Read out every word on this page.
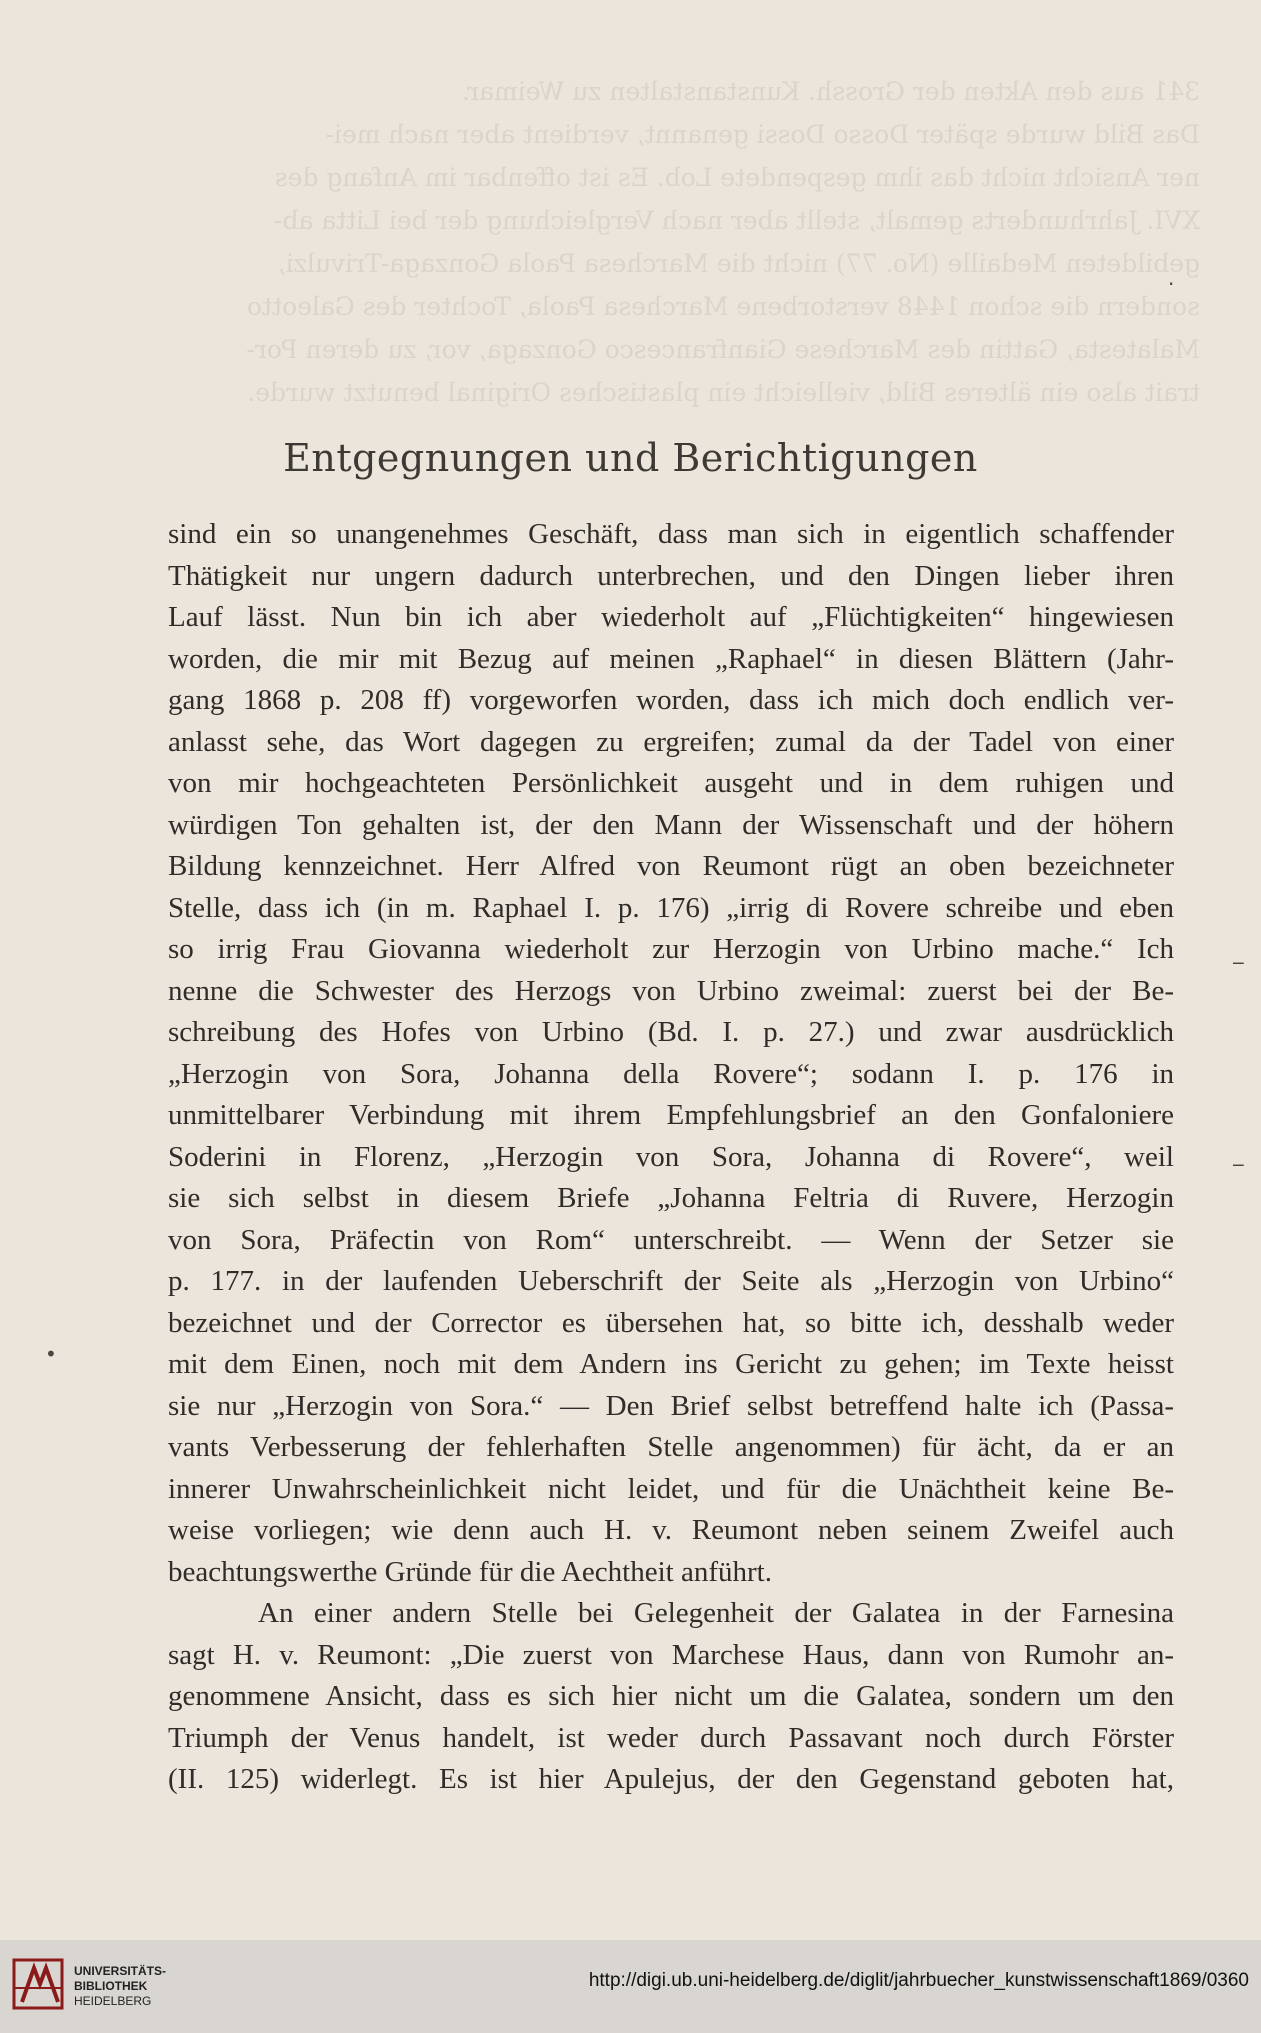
341 aus den Akten der Grossh. Kunstanstalten zu Weimar.
Das Bild wurde später Dosso Dossi genannt, verdient aber nach mei-
ner Ansicht nicht das ihm gespendete Lob. Es ist offenbar im Anfang des
XVI. Jahrhunderts gemalt, stellt aber nach Vergleichung der bei Litta ab-
gebildeten Medaille (No. 77) nicht die Marchesa Paola Gonzaga-Trivulzi,
sondern die schon 1448 verstorbene Marchesa Paola, Tochter des Galeotto
Malatesta, Gattin des Marchese Gianfrancesco Gonzaga, vor, zu deren Por-
trait also ein älteres Bild, vielleicht ein plastisches Original benutzt wurde.
Entgegnungen und Berichtigungen
sind ein so unangenehmes Geschäft, dass man sich in eigentlich schaffender
Thätigkeit nur ungern dadurch unterbrechen, und den Dingen lieber ihren
Lauf lässt. Nun bin ich aber wiederholt auf „Flüchtigkeiten“ hingewiesen
worden, die mir mit Bezug auf meinen „Raphael“ in diesen Blättern (Jahr-
gang 1868 p. 208 ff) vorgeworfen worden, dass ich mich doch endlich ver-
anlasst sehe, das Wort dagegen zu ergreifen; zumal da der Tadel von einer
von mir hochgeachteten Persönlichkeit ausgeht und in dem ruhigen und
würdigen Ton gehalten ist, der den Mann der Wissenschaft und der höhern
Bildung kennzeichnet. Herr Alfred von Reumont rügt an oben bezeichneter
Stelle, dass ich (in m. Raphael I. p. 176) „irrig di Rovere schreibe und eben
so irrig Frau Giovanna wiederholt zur Herzogin von Urbino mache.“ Ich
nenne die Schwester des Herzogs von Urbino zweimal: zuerst bei der Be-
schreibung des Hofes von Urbino (Bd. I. p. 27.) und zwar ausdrücklich
„Herzogin von Sora, Johanna della Rovere“; sodann I. p. 176 in
unmittelbarer Verbindung mit ihrem Empfehlungsbrief an den Gonfaloniere
Soderini in Florenz, „Herzogin von Sora, Johanna di Rovere“, weil
sie sich selbst in diesem Briefe „Johanna Feltria di Ruvere, Herzogin
von Sora, Präfectin von Rom“ unterschreibt. — Wenn der Setzer sie
p. 177. in der laufenden Ueberschrift der Seite als „Herzogin von Urbino“
bezeichnet und der Corrector es übersehen hat, so bitte ich, desshalb weder
mit dem Einen, noch mit dem Andern ins Gericht zu gehen; im Texte heisst
sie nur „Herzogin von Sora.“ — Den Brief selbst betreffend halte ich (Passa-
vants Verbesserung der fehlerhaften Stelle angenommen) für ächt, da er an
innerer Unwahrscheinlichkeit nicht leidet, und für die Unächtheit keine Be-
weise vorliegen; wie denn auch H. v. Reumont neben seinem Zweifel auch
beachtungswerthe Gründe für die Aechtheit anführt.
An einer andern Stelle bei Gelegenheit der Galatea in der Farnesina
sagt H. v. Reumont: „Die zuerst von Marchese Haus, dann von Rumohr an-
genommene Ansicht, dass es sich hier nicht um die Galatea, sondern um den
Triumph der Venus handelt, ist weder durch Passavant noch durch Förster
(II. 125) widerlegt. Es ist hier Apulejus, der den Gegenstand geboten hat,
‒
‒
•
·
UNIVERSITÄTS-
BIBLIOTHEK
HEIDELBERG
http://digi.ub.uni-heidelberg.de/diglit/jahrbuecher_kunstwissenschaft1869/0360
